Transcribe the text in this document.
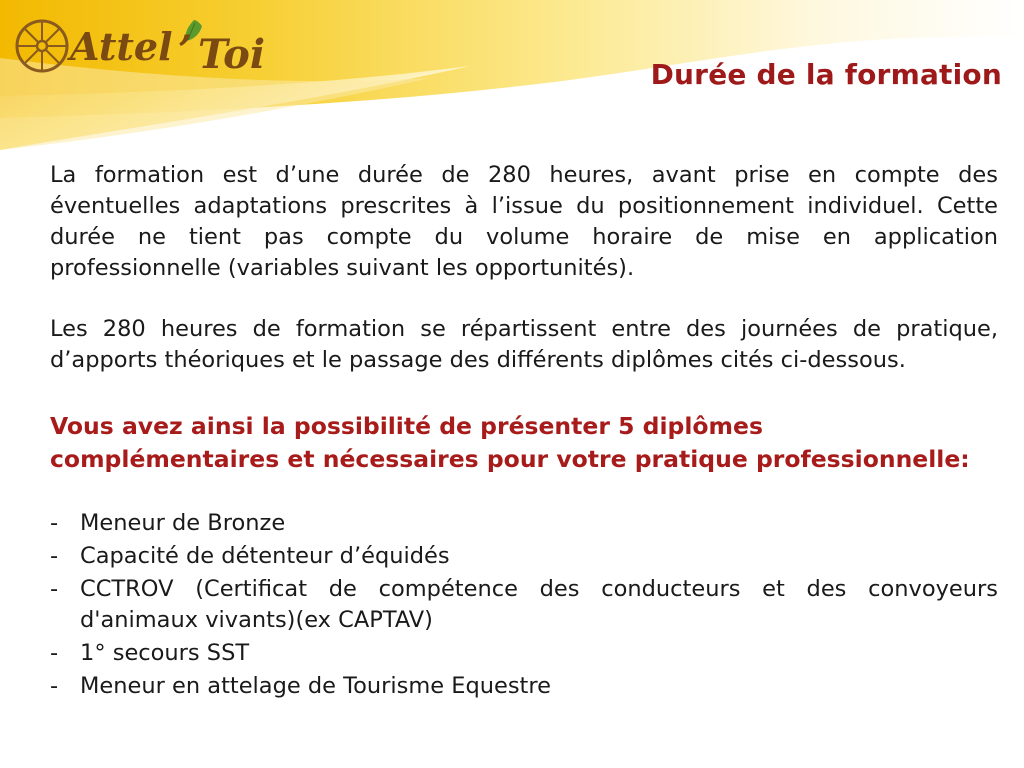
Attel ’ Toi	Durée de la formation

La formation est d’une durée de 280 heures, avant prise en compte des éventuelles adaptations prescrites à l’issue du positionnement individuel. Cette durée ne tient pas compte du volume horaire de mise en application professionnelle (variables suivant les opportunités).

Les 280 heures de formation se répartissent entre des journées de pratique, d’apports théoriques et le passage des différents diplômes cités ci-dessous.

Vous avez ainsi la possibilité de présenter 5 diplômes complémentaires et nécessaires pour votre pratique professionnelle:

- Meneur de Bronze
- Capacité de détenteur d’équidés
- CCTROV (Certificat de compétence des conducteurs et des convoyeurs d'animaux vivants)(ex CAPTAV)
- 1° secours SST
- Meneur en attelage de Tourisme Equestre
